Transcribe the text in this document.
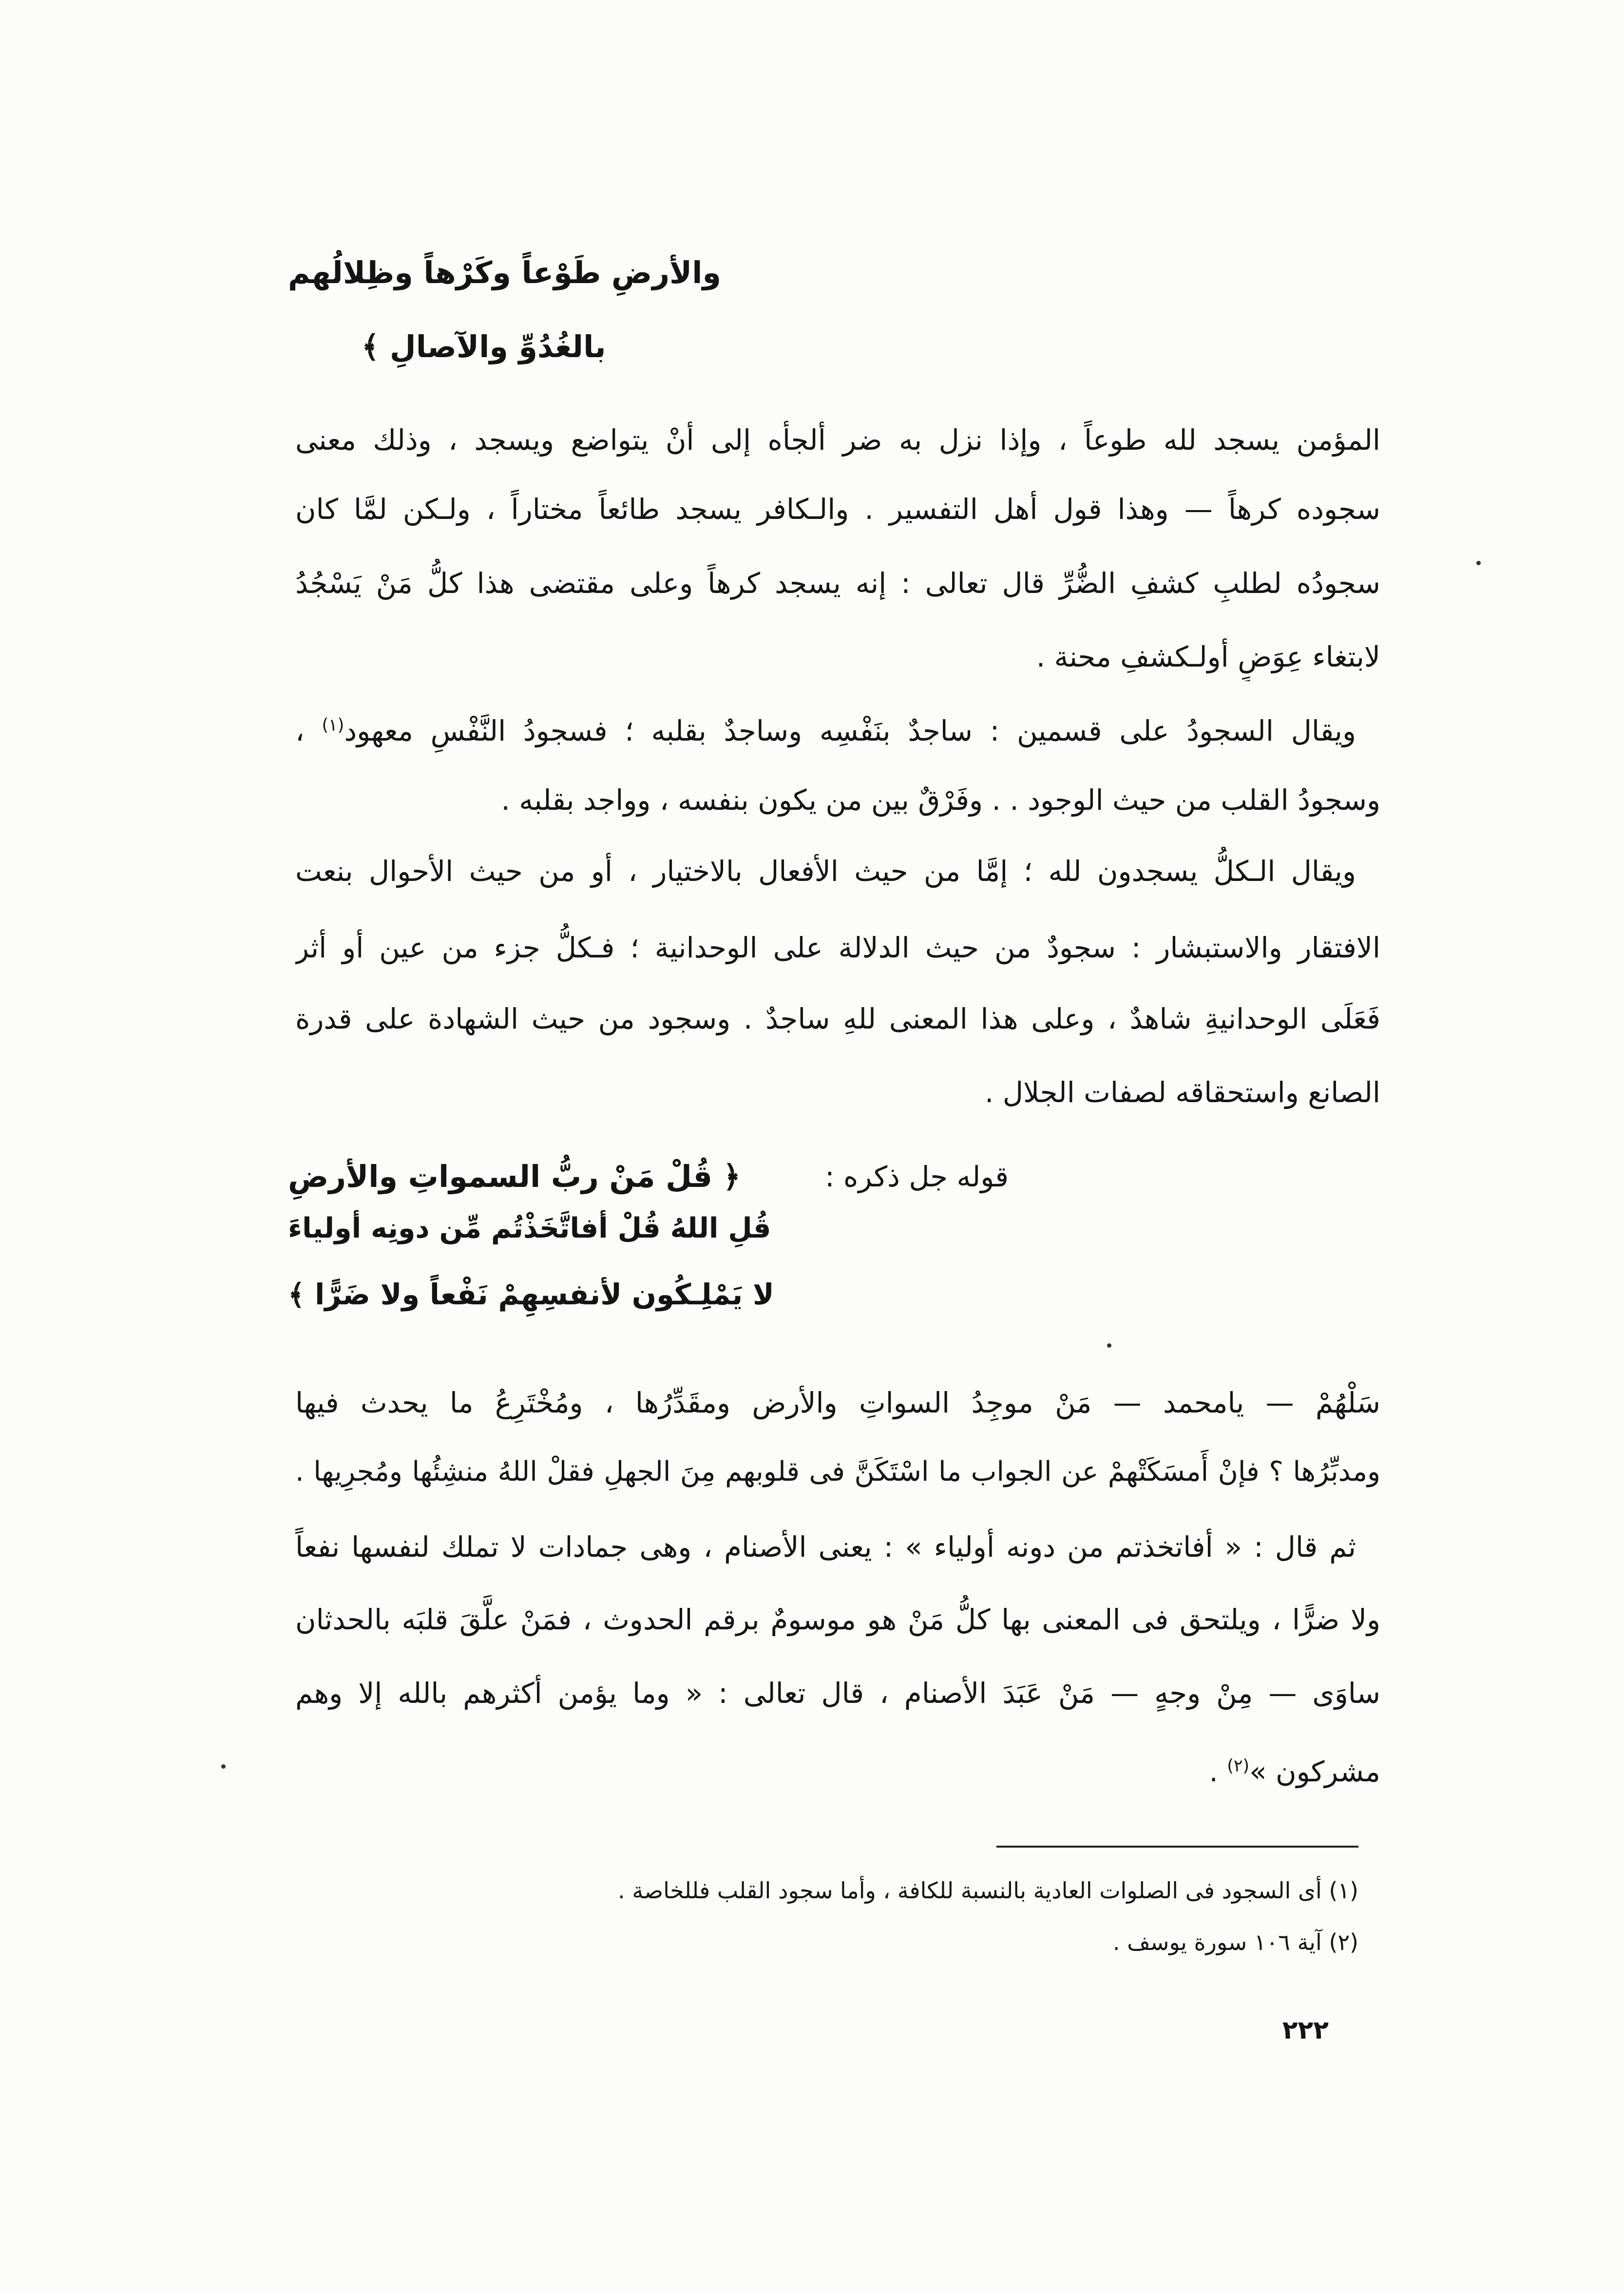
والأرضِ طَوْعاً وكَرْهاً وظِلالُهم
بالغُدُوِّ والآصالِ ﴾
المؤمن يسجد لله طوعاً ، وإذا نزل به ضر ألجأه إلى أنْ يتواضع ويسجد ، وذلك معنى
سجوده كرهاً — وهذا قول أهل التفسير . والـكافر يسجد طائعاً مختاراً ، ولـكن لمَّا كان
سجودُه لطلبِ كشفِ الضُّرِّ قال تعالى : إنه يسجد كرهاً وعلى مقتضى هذا كلُّ مَنْ يَسْجُدُ
لابتغاء عِوَضٍ أولـكشفِ محنة .
ويقال السجودُ على قسمين : ساجدٌ بنَفْسِه وساجدٌ بقلبه ؛ فسجودُ النَّفْسِ معهود$^{(١)}$ ،
وسجودُ القلب من حيث الوجود . . وفَرْقٌ بين من يكون بنفسه ، وواجد بقلبه .
ويقال الـكلُّ يسجدون لله ؛ إمَّا من حيث الأفعال بالاختيار ، أو من حيث الأحوال بنعت
الافتقار والاستبشار : سجودٌ من حيث الدلالة على الوحدانية ؛ فـكلُّ جزء من عين أو أثر
فَعَلَى الوحدانيةِ شاهدٌ ، وعلى هذا المعنى للهِ ساجدٌ . وسجود من حيث الشهادة على قدرة
الصانع واستحقاقه لصفات الجلال .
قوله جل ذكره :
﴿ قُلْ مَنْ ربُّ السمواتِ والأرضِ
قُلِ اللهُ قُلْ أفاتَّخَذْتُم مِّن دونِه أولياءَ
لا يَمْلِـكُون لأنفسِهِمْ نَفْعاً ولا ضَرًّا ﴾
سَلْهُمْ — يامحمد — مَنْ موجِدُ السواتِ والأرض ومقَدِّرُها ، ومُخْتَرِعُ ما يحدث فيها
ومدبِّرُها ؟ فإنْ أَمسَكَتْهمْ عن الجواب ما اسْتَكَنَّ فى قلوبهم مِنَ الجهلِ فقلْ اللهُ منشِئُها ومُجرِيها .
ثم قال : « أفاتخذتم من دونه أولياء » : يعنى الأصنام ، وهى جمادات لا تملك لنفسها نفعاً
ولا ضرًّا ، ويلتحق فى المعنى بها كلُّ مَنْ هو موسومٌ برقم الحدوث ، فمَنْ علَّقَ قلبَه بالحدثان
ساوَى — مِنْ وجهٍ — مَنْ عَبَدَ الأصنام ، قال تعالى : « وما يؤمن أكثرهم بالله إلا وهم
مشركون »$^{(٢)}$ .
(١) أى السجود فى الصلوات العادية بالنسبة للكافة ، وأما سجود القلب فللخاصة .
(٢) آية ١٠٦ سورة يوسف .
٢٢٢
